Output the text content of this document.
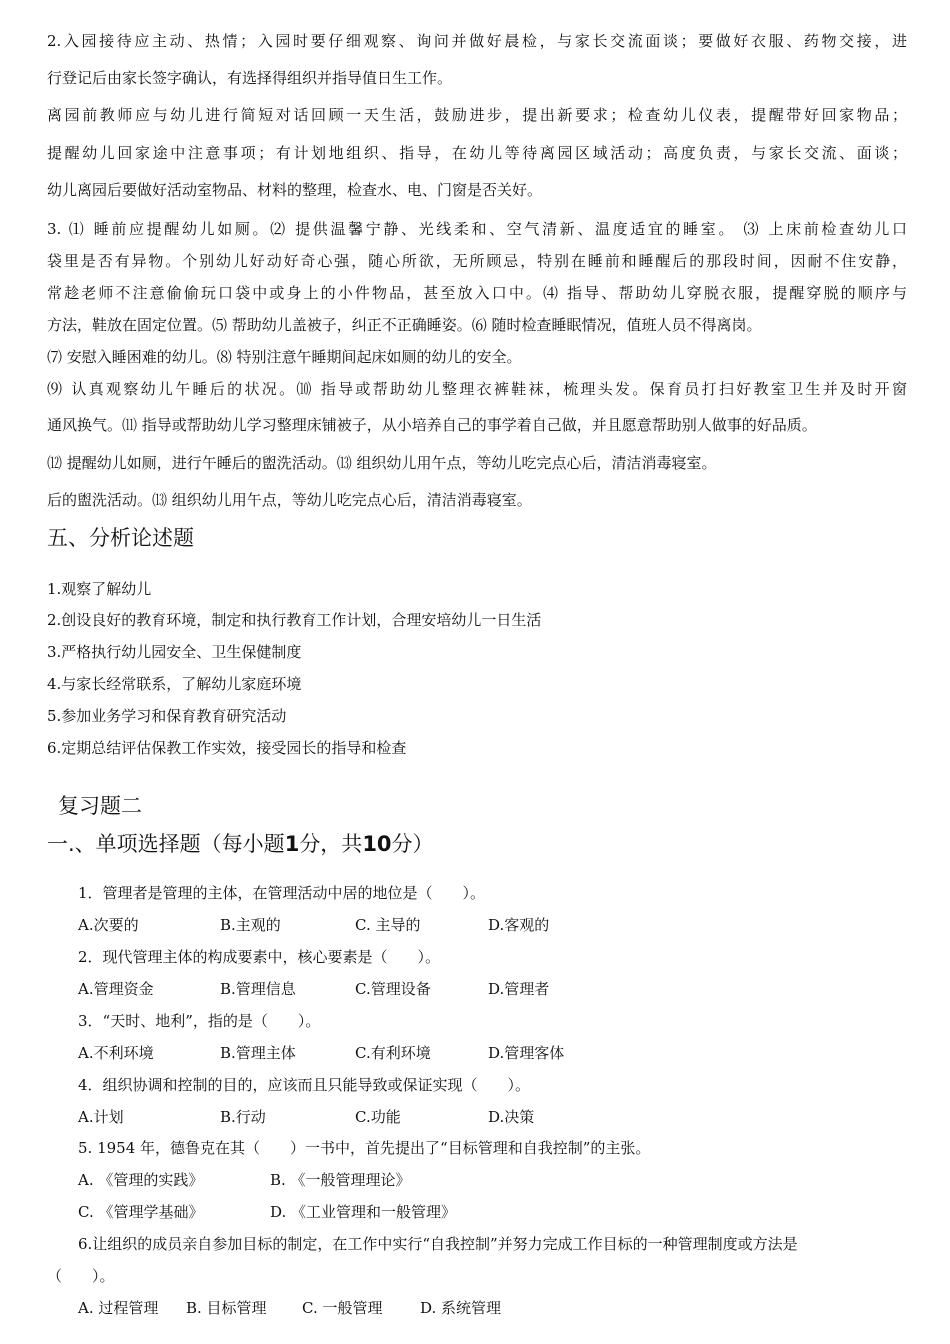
2.入园接待应主动、热情；入园时要仔细观察、询问并做好晨检，与家长交流面谈；要做好衣服、药物交接，进
行登记后由家长签字确认，有选择得组织并指导值日生工作。
离园前教师应与幼儿进行简短对话回顾一天生活，鼓励进步，提出新要求；检查幼儿仪表，提醒带好回家物品；
提醒幼儿回家途中注意事项；有计划地组织、指导，在幼儿等待离园区域活动；高度负责，与家长交流、面谈；
幼儿离园后要做好活动室物品、材料的整理，检查水、电、门窗是否关好。
3. ⑴ 睡前应提醒幼儿如厕。⑵ 提供温馨宁静、光线柔和、空气清新、温度适宜的睡室。 ⑶ 上床前检查幼儿口
袋里是否有异物。个别幼儿好动好奇心强，随心所欲，无所顾忌，特别在睡前和睡醒后的那段时间，因耐不住安静，
常趁老师不注意偷偷玩口袋中或身上的小件物品，甚至放入口中。⑷ 指导、帮助幼儿穿脱衣服，提醒穿脱的顺序与
方法，鞋放在固定位置。⑸ 帮助幼儿盖被子，纠正不正确睡姿。⑹ 随时检查睡眠情况，值班人员不得离岗。
⑺ 安慰入睡困难的幼儿。⑻ 特别注意午睡期间起床如厕的幼儿的安全。
⑼ 认真观察幼儿午睡后的状况。⑽ 指导或帮助幼儿整理衣裤鞋袜，梳理头发。保育员打扫好教室卫生并及时开窗
通风换气。⑾ 指导或帮助幼儿学习整理床铺被子，从小培养自己的事学着自己做，并且愿意帮助别人做事的好品质。
⑿ 提醒幼儿如厕，进行午睡后的盥洗活动。⒀ 组织幼儿用午点，等幼儿吃完点心后，清洁消毒寝室。
后的盥洗活动。⒀ 组织幼儿用午点，等幼儿吃完点心后，清洁消毒寝室。
五、分析论述题
1.观察了解幼儿
2.创设良好的教育环境，制定和执行教育工作计划，合理安培幼儿一日生活
3.严格执行幼儿园安全、卫生保健制度
4.与家长经常联系，了解幼儿家庭环境
5.参加业务学习和保育教育研究活动
6.定期总结评估保教工作实效，接受园长的指导和检查
复习题二
一.、单项选择题（每小题1分，共10分）
1．管理者是管理的主体，在管理活动中居的地位是（　　）。
A.次要的	B.主观的	C. 主导的	D.客观的
2．现代管理主体的构成要素中，核心要素是（　　）。
A.管理资金	B.管理信息	C.管理设备	D.管理者
3．“天时、地利”，指的是（　　）。
A.不利环境	B.管理主体	C.有利环境	D.管理客体
4．组织协调和控制的目的，应该而且只能导致或保证实现（　　）。
A.计划	B.行动	C.功能	D.决策
5. 1954 年，德鲁克在其（　　）一书中，首先提出了“目标管理和自我控制”的主张。
A. 《管理的实践》	B. 《一般管理理论》
C. 《管理学基础》	D. 《工业管理和一般管理》
6.让组织的成员亲自参加目标的制定，在工作中实行“自我控制”并努力完成工作目标的一种管理制度或方法是
（　　）。
A. 过程管理 B. 目标管理 C. 一般管理	D. 系统管理
